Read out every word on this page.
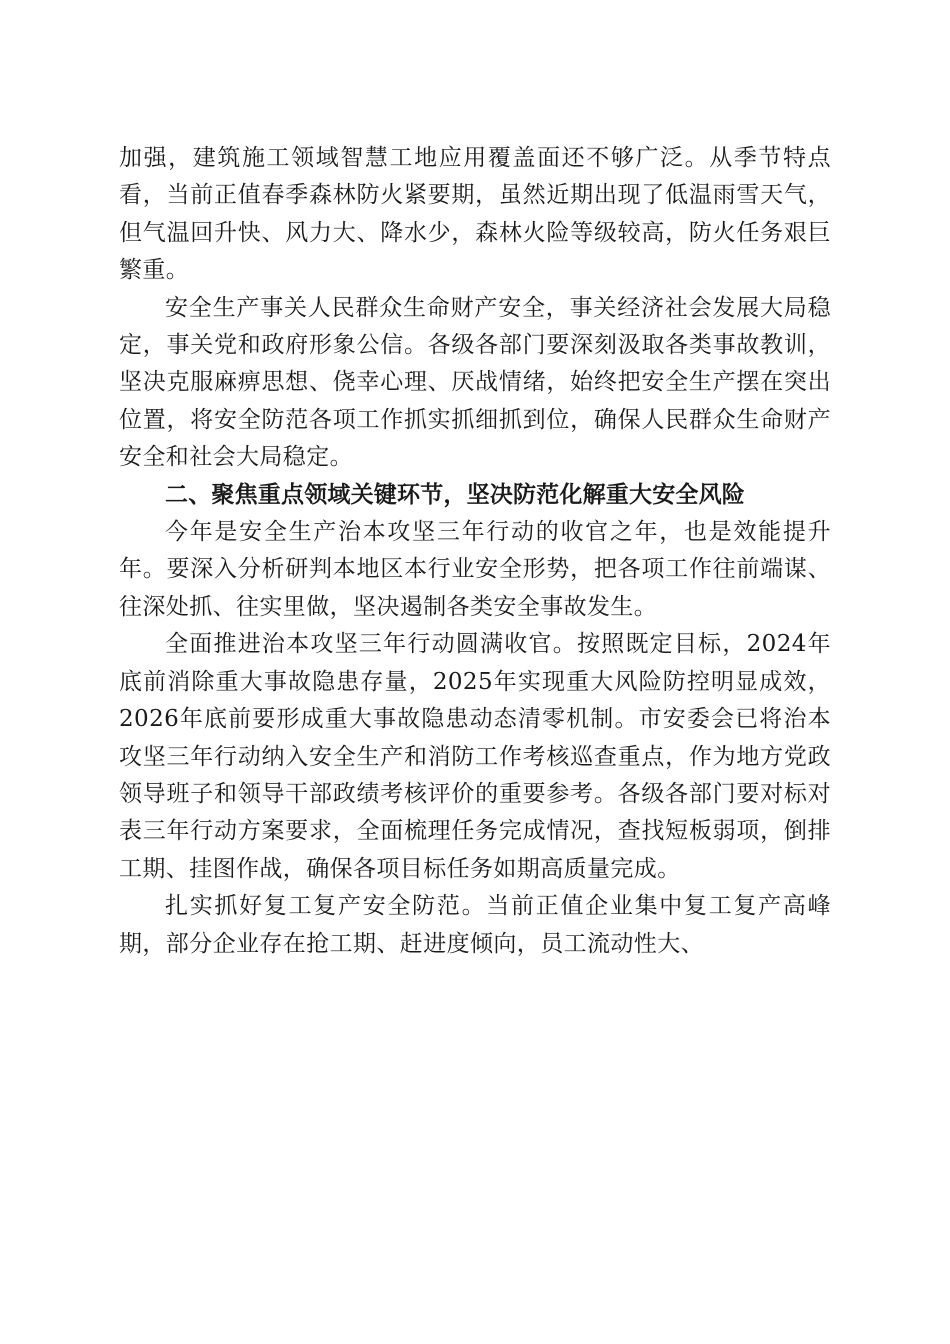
加强，建筑施工领域智慧工地应用覆盖面还不够广泛。从季节特点看，当前正值春季森林防火紧要期，虽然近期出现了低温雨雪天气，但气温回升快、风力大、降水少，森林火险等级较高，防火任务艰巨繁重。

安全生产事关人民群众生命财产安全，事关经济社会发展大局稳定，事关党和政府形象公信。各级各部门要深刻汲取各类事故教训，坚决克服麻痹思想、侥幸心理、厌战情绪，始终把安全生产摆在突出位置，将安全防范各项工作抓实抓细抓到位，确保人民群众生命财产安全和社会大局稳定。

二、聚焦重点领域关键环节，坚决防范化解重大安全风险

今年是安全生产治本攻坚三年行动的收官之年，也是效能提升年。要深入分析研判本地区本行业安全形势，把各项工作往前端谋、往深处抓、往实里做，坚决遏制各类安全事故发生。

全面推进治本攻坚三年行动圆满收官。按照既定目标，2024年底前消除重大事故隐患存量，2025年实现重大风险防控明显成效，2026年底前要形成重大事故隐患动态清零机制。市安委会已将治本攻坚三年行动纳入安全生产和消防工作考核巡查重点，作为地方党政领导班子和领导干部政绩考核评价的重要参考。各级各部门要对标对表三年行动方案要求，全面梳理任务完成情况，查找短板弱项，倒排工期、挂图作战，确保各项目标任务如期高质量完成。

扎实抓好复工复产安全防范。当前正值企业集中复工复产高峰期，部分企业存在抢工期、赶进度倾向，员工流动性大、
